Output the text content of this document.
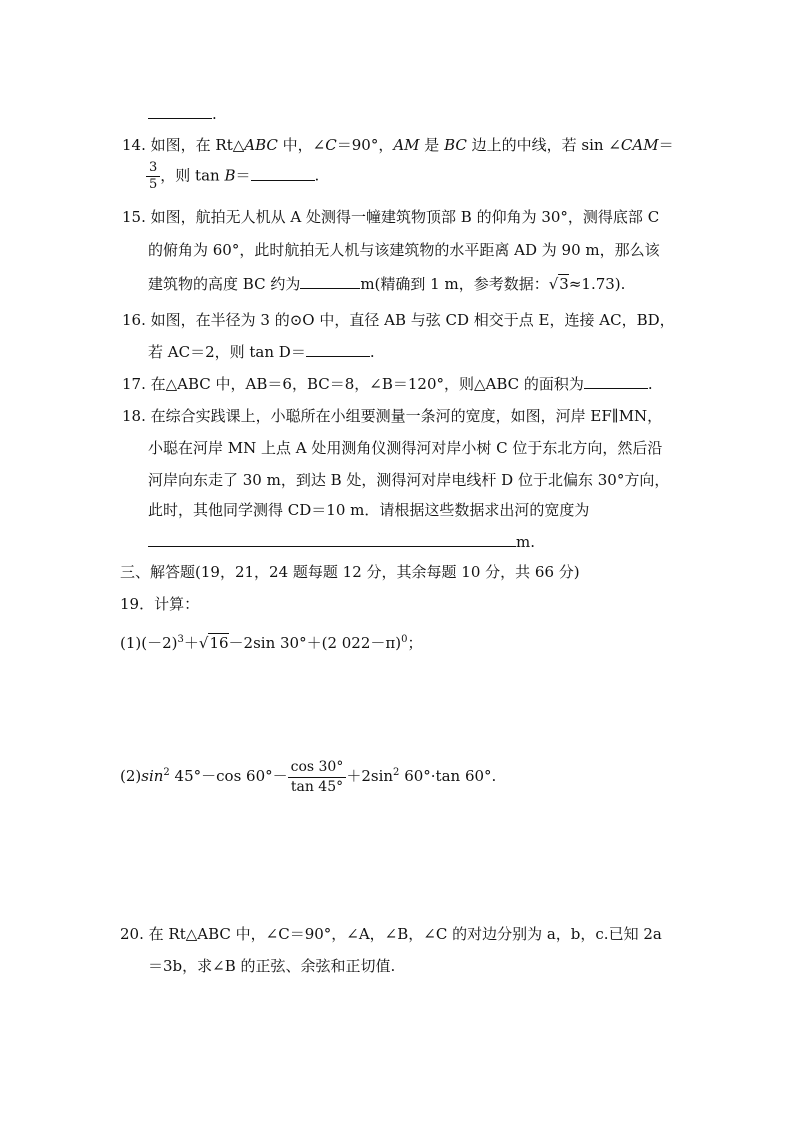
.
14. 如图，在 Rt△ABC 中，∠C＝90°，AM 是 BC 边上的中线，若 sin ∠CAM＝
$\frac{3}{5}$ ，则 tan B＝	.
15. 如图，航拍无人机从 A 处测得一幢建筑物顶部 B 的仰角为 30°，测得底部 C
的俯角为 60°，此时航拍无人机与该建筑物的水平距离 AD 为 90 m，那么该
建筑物的高度 BC 约为	m(精确到 1 m，参考数据：√3≈1.73).
16. 如图，在半径为 3 的⊙O 中，直径 AB 与弦 CD 相交于点 E，连接 AC，BD，
若 AC＝2，则 tan D＝	.
17. 在△ABC 中，AB＝6，BC＝8，∠B＝120°，则△ABC 的面积为	.
18. 在综合实践课上，小聪所在小组要测量一条河的宽度，如图，河岸 EF∥MN，
小聪在河岸 MN 上点 A 处用测角仪测得河对岸小树 C 位于东北方向，然后沿
河岸向东走了 30 m，到达 B 处，测得河对岸电线杆 D 位于北偏东 30°方向，
此时，其他同学测得 CD＝10 m．请根据这些数据求出河的宽度为
m.
三、解答题(19，21，24 题每题 12 分，其余每题 10 分，共 66 分)
19．计算：
$(1)(-2)^3+√16-2\sin$ 30°＋(2 022－π)$^0$；
$(2)\sin^2$ 45°－cos $60^\circ- \frac{\cos 30^\circ}{\tan 45^\circ} +2\sin^2$ 60°·tan 60°.
20. 在 Rt△ABC 中，∠C＝90°，∠A，∠B，∠C 的对边分别为 a，b，c.已知 2a
＝3b，求∠B 的正弦、余弦和正切值.
